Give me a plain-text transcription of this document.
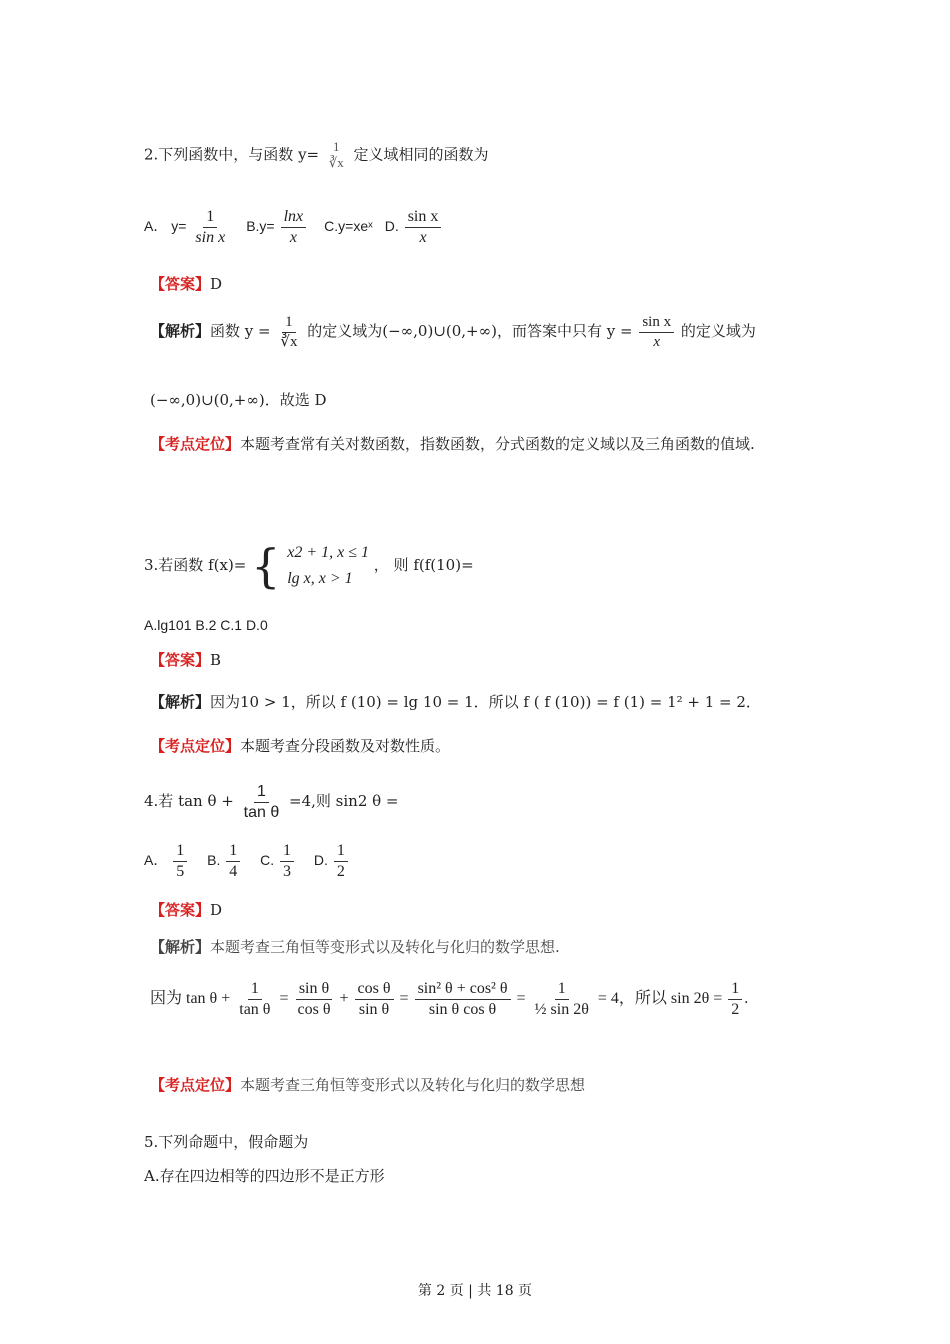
2.下列函数中，与函数 y= 1
∛x 定义域相同的函数为
A． $y= \frac{1}{\text{sin x}} B.y= \frac{\ln x}{x}$ C.y=xeˣ D. $\frac{\text{sin x}}{x}$
【答案】D
【解析】函数 $y = \frac{1}{∛x}$ 的定义域为(−∞,0)∪(0,+∞)，而答案中只有 $y = \frac{\text{sin x}}{x}$ 的定义域为
(−∞,0)∪(0,+∞)．故选 D
【考点定位】本题考查常有关对数函数，指数函数，分式函数的定义域以及三角函数的值域.
3.若函数 f(x)= { x2 + 1, x ≤ 1
lg x, x > 1
， 则 f(f(10)=
A.lg101 B.2 C.1 D.0
【答案】B
【解析】因为10 > 1，所以 f (10) = lg 10 = 1．所以 f ( f (10)) = f (1) = 1² + 1 = 2．
【考点定位】本题考查分段函数及对数性质。
4.若 $\tan \theta + \frac{1}{\text{tan θ}} =4$,则 sin2 θ =
A． $\frac{1}{5} B$. $\frac{1}{4} C$. $\frac{1}{3} D$. $\frac{1}{2}$
【答案】D
【解析】本题考查三角恒等变形式以及转化与化归的数学思想.
因为 $\tan \theta + \frac{1}{\text{tan θ}} = \frac{\text{sin θ}}{\text{cos θ}} + \frac{\text{cos θ}}{\text{sin θ}} = \frac{\text{sin² θ + cos² θ}}{\text{sin θ cos θ}} = \frac{1}{\text{½ sin 2θ}} = 4$，所以 $\sin 2\theta = \frac{1}{2}$ .
【考点定位】本题考查三角恒等变形式以及转化与化归的数学思想
5.下列命题中，假命题为
A.存在四边相等的四边形不是正方形
第 2 页 | 共 18 页
